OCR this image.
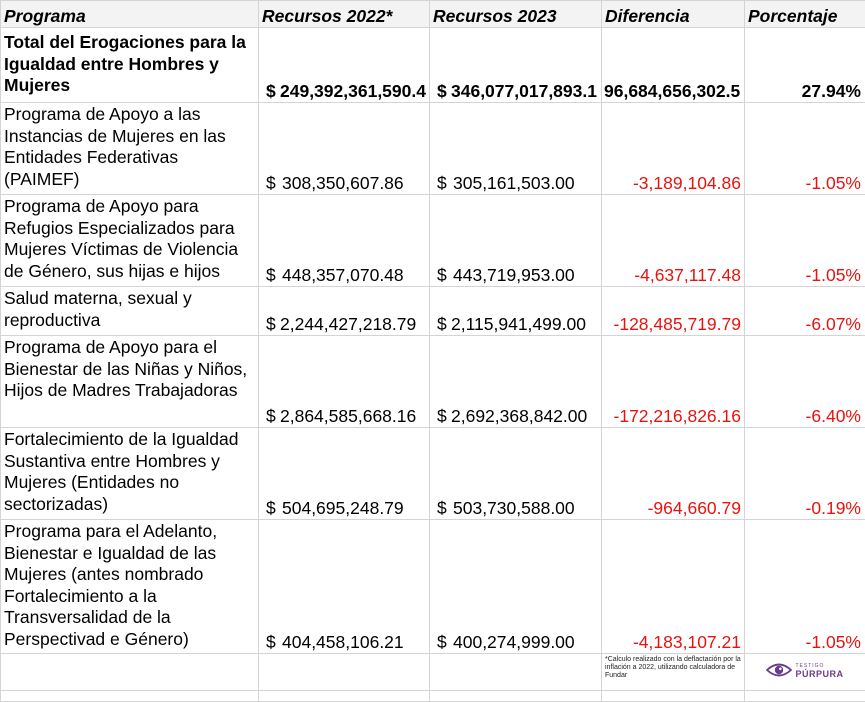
Programa	Recursos 2022*	Recursos 2023	Diferencia	Porcentaje
Total del Erogaciones para la Igualdad entre Hombres y Mujeres	$ 249,392,361,590.4	$ 346,077,017,893.1	96,684,656,302.5	27.94%
Programa de Apoyo a las Instancias de Mujeres en las Entidades Federativas (PAIMEF)	$ 308,350,607.86	$ 305,161,503.00	-3,189,104.86	-1.05%
Programa de Apoyo para Refugios Especializados para Mujeres Víctimas de Violencia de Género, sus hijas e hijos	$ 448,357,070.48	$ 443,719,953.00	-4,637,117.48	-1.05%
Salud materna, sexual y reproductiva	$ 2,244,427,218.79	$ 2,115,941,499.00	-128,485,719.79	-6.07%
Programa de Apoyo para el Bienestar de las Niñas y Niños, Hijos de Madres Trabajadoras	$ 2,864,585,668.16	$ 2,692,368,842.00	-172,216,826.16	-6.40%
Fortalecimiento de la Igualdad Sustantiva entre Hombres y Mujeres (Entidades no sectorizadas)	$ 504,695,248.79	$ 503,730,588.00	-964,660.79	-0.19%
Programa para el Adelanto, Bienestar e Igualdad de las Mujeres (antes nombrado Fortalecimiento a la Transversalidad de la Perspectivad e Género)	$ 404,458,106.21	$ 400,274,999.00	-4,183,107.21	-1.05%
			*Calculo realizado con la deflactación por la inflación a 2022, utilizando calculadora de Fundar	TESTIGO
PÚRPURA
